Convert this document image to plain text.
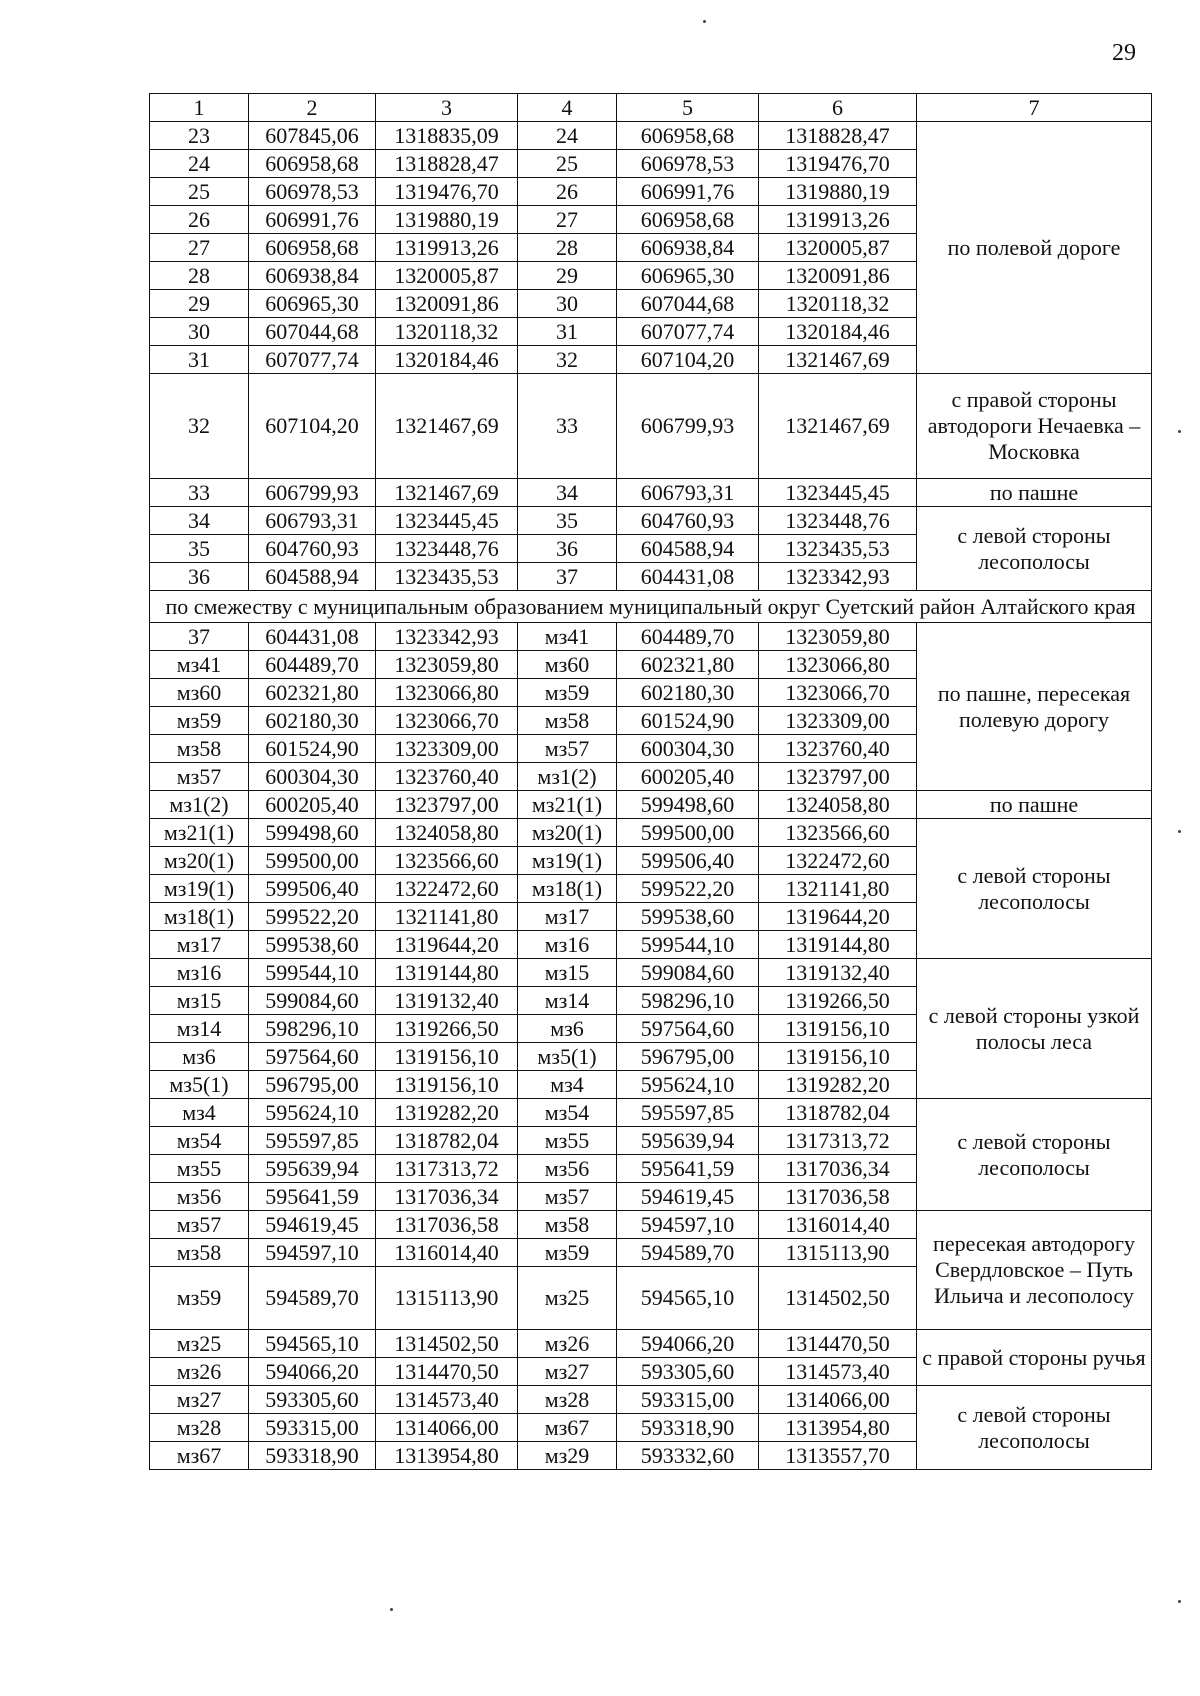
29
1	2	3	4	5	6	7
23	607845,06	1318835,09	24	606958,68	1318828,47	по полевой дороге
24	606958,68	1318828,47	25	606978,53	1319476,70	
25	606978,53	1319476,70	26	606991,76	1319880,19	
26	606991,76	1319880,19	27	606958,68	1319913,26	
27	606958,68	1319913,26	28	606938,84	1320005,87	
28	606938,84	1320005,87	29	606965,30	1320091,86	
29	606965,30	1320091,86	30	607044,68	1320118,32	
30	607044,68	1320118,32	31	607077,74	1320184,46	
31	607077,74	1320184,46	32	607104,20	1321467,69	
32	607104,20	1321467,69	33	606799,93	1321467,69	с правой стороны автодороги Нечаевка – Московка
33	606799,93	1321467,69	34	606793,31	1323445,45	по пашне
34	606793,31	1323445,45	35	604760,93	1323448,76	с левой стороны лесополосы
35	604760,93	1323448,76	36	604588,94	1323435,53	
36	604588,94	1323435,53	37	604431,08	1323342,93	
по смежеству с муниципальным образованием муниципальный округ Суетский район Алтайского края						
37	604431,08	1323342,93	мз41	604489,70	1323059,80	по пашне, пересекая полевую дорогу
мз41	604489,70	1323059,80	мз60	602321,80	1323066,80	
мз60	602321,80	1323066,80	мз59	602180,30	1323066,70	
мз59	602180,30	1323066,70	мз58	601524,90	1323309,00	
мз58	601524,90	1323309,00	мз57	600304,30	1323760,40	
мз57	600304,30	1323760,40	мз1(2)	600205,40	1323797,00	
мз1(2)	600205,40	1323797,00	мз21(1)	599498,60	1324058,80	по пашне
мз21(1)	599498,60	1324058,80	мз20(1)	599500,00	1323566,60	с левой стороны лесополосы
мз20(1)	599500,00	1323566,60	мз19(1)	599506,40	1322472,60	
мз19(1)	599506,40	1322472,60	мз18(1)	599522,20	1321141,80	
мз18(1)	599522,20	1321141,80	мз17	599538,60	1319644,20	
мз17	599538,60	1319644,20	мз16	599544,10	1319144,80	
мз16	599544,10	1319144,80	мз15	599084,60	1319132,40	с левой стороны узкой полосы леса
мз15	599084,60	1319132,40	мз14	598296,10	1319266,50	
мз14	598296,10	1319266,50	мз6	597564,60	1319156,10	
мз6	597564,60	1319156,10	мз5(1)	596795,00	1319156,10	
мз5(1)	596795,00	1319156,10	мз4	595624,10	1319282,20	
мз4	595624,10	1319282,20	мз54	595597,85	1318782,04	с левой стороны лесополосы
мз54	595597,85	1318782,04	мз55	595639,94	1317313,72	
мз55	595639,94	1317313,72	мз56	595641,59	1317036,34	
мз56	595641,59	1317036,34	мз57	594619,45	1317036,58	
мз57	594619,45	1317036,58	мз58	594597,10	1316014,40	пересекая автодорогу Свердловское – Путь Ильича и лесополосу
мз58	594597,10	1316014,40	мз59	594589,70	1315113,90	
мз59	594589,70	1315113,90	мз25	594565,10	1314502,50	
мз25	594565,10	1314502,50	мз26	594066,20	1314470,50	с правой стороны ручья
мз26	594066,20	1314470,50	мз27	593305,60	1314573,40	
мз27	593305,60	1314573,40	мз28	593315,00	1314066,00	с левой стороны лесополосы
мз28	593315,00	1314066,00	мз67	593318,90	1313954,80	
мз67	593318,90	1313954,80	мз29	593332,60	1313557,70	
